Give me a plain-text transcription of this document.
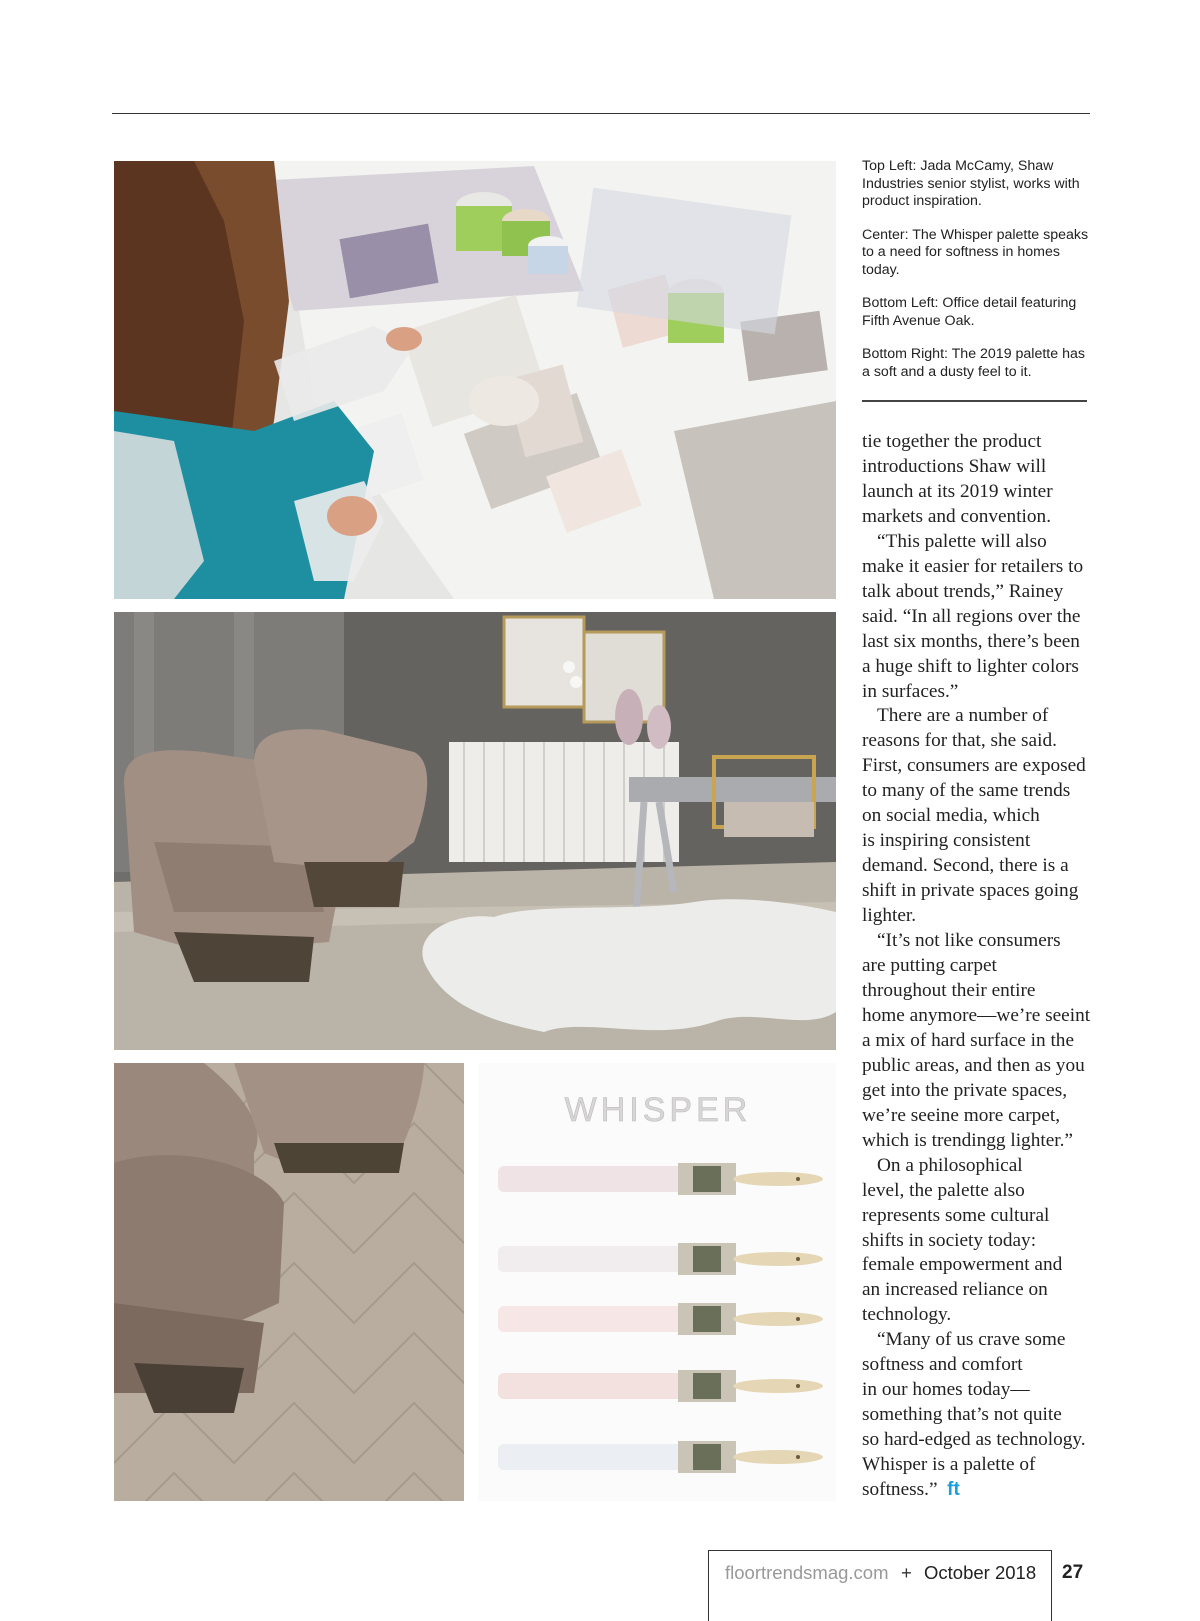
WHISPER

Top Left: Jada McCamy, Shaw Industries senior stylist, works with product inspiration.

Center: The Whisper palette speaks to a need for softness in homes today.

Bottom Left: Office detail featuring Fifth Avenue Oak.

Bottom Right: The 2019 palette has a soft and a dusty feel to it.

tie together the product
introductions Shaw will
launch at its 2019 winter
markets and convention.
“This palette will also
make it easier for retailers to
talk about trends,” Rainey
said. “In all regions over the
last six months, there’s been
a huge shift to lighter colors
in surfaces.”
There are a number of
reasons for that, she said.
First, consumers are exposed
to many of the same trends
on social media, which
is inspiring consistent
demand. Second, there is a
shift in private spaces going
lighter.
“It’s not like consumers
are putting carpet
throughout their entire
home anymore—we’re seeint
a mix of hard surface in the
public areas, and then as you
get into the private spaces,
we’re seeine more carpet,
which is trendingg lighter.”
On a philosophical
level, the palette also
represents some cultural
shifts in society today:
female empowerment and
an increased reliance on
technology.
“Many of us crave some
softness and comfort
in our homes today—
something that’s not quite
so hard-edged as technology.
Whisper is a palette of
softness.” ft
floortrendsmag.com + October 2018 27
